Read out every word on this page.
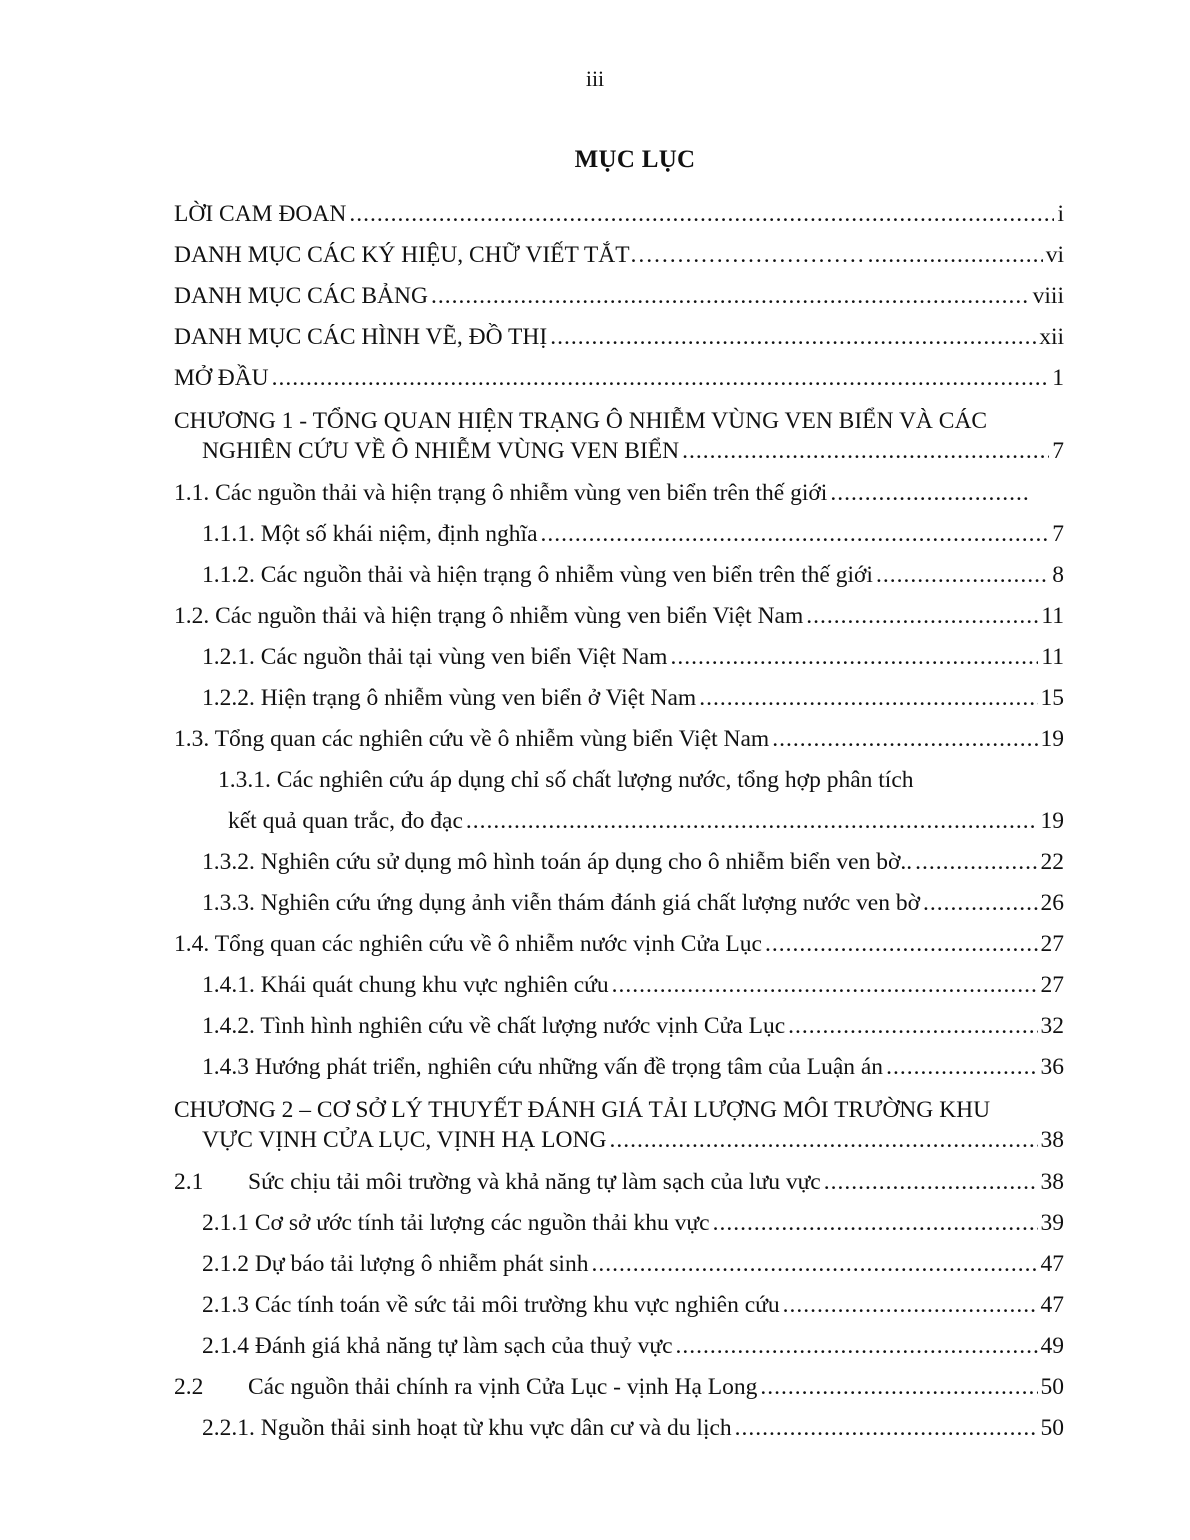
iii
MỤC LỤC
LỜI CAM ĐOAN .....	i
DANH MỤC CÁC KÝ HIỆU, CHỮ VIẾT TẮT………………………… .....	vi
DANH MỤC CÁC BẢNG .....	viii
DANH MỤC CÁC HÌNH VẼ, ĐỒ THỊ .....	xii
MỞ ĐẦU .....	1
CHƯƠNG 1 - TỔNG QUAN HIỆN TRẠNG Ô NHIỄM VÙNG VEN BIỂN VÀ CÁC
NGHIÊN CỨU VỀ Ô NHIỄM VÙNG VEN BIỂN .....	7
1.1. Các nguồn thải và hiện trạng ô nhiễm vùng ven biển trên thế giới
.....
1.1.1. Một số khái niệm, định nghĩa .....	7
1.1.2. Các nguồn thải và hiện trạng ô nhiễm vùng ven biển trên thế giới .....	8
1.2. Các nguồn thải và hiện trạng ô nhiễm vùng ven biển Việt Nam .....	11
1.2.1. Các nguồn thải tại vùng ven biển Việt Nam .....	11
1.2.2. Hiện trạng ô nhiễm vùng ven biển ở Việt Nam .....	15
1.3. Tổng quan các nghiên cứu về ô nhiễm vùng biển Việt Nam .....	19
1.3.1. Các nghiên cứu áp dụng chỉ số chất lượng nước, tổng hợp phân tích
kết quả quan trắc, đo đạc .....	19
1.3.2. Nghiên cứu sử dụng mô hình toán áp dụng cho ô nhiễm biển ven bờ.. .....	22
1.3.3. Nghiên cứu ứng dụng ảnh viễn thám đánh giá chất lượng nước ven bờ .....	26
1.4. Tổng quan các nghiên cứu về ô nhiễm nước vịnh Cửa Lục .....	27
1.4.1. Khái quát chung khu vực nghiên cứu .....	27
1.4.2. Tình hình nghiên cứu về chất lượng nước vịnh Cửa Lục .....	32
1.4.3 Hướng phát triển, nghiên cứu những vấn đề trọng tâm của Luận án .....	36
CHƯƠNG 2 – CƠ SỞ LÝ THUYẾT ĐÁNH GIÁ TẢI LƯỢNG MÔI TRƯỜNG KHU
VỰC VỊNH CỬA LỤC, VỊNH HẠ LONG .....	38
2.1 Sức chịu tải môi trường và khả năng tự làm sạch của lưu vực .....	38
2.1.1 Cơ sở ước tính tải lượng các nguồn thải khu vực .....	39
2.1.2 Dự báo tải lượng ô nhiễm phát sinh .....	47
2.1.3 Các tính toán về sức tải môi trường khu vực nghiên cứu .....	47
2.1.4 Đánh giá khả năng tự làm sạch của thuỷ vực .....	49
2.2 Các nguồn thải chính ra vịnh Cửa Lục - vịnh Hạ Long .....	50
2.2.1. Nguồn thải sinh hoạt từ khu vực dân cư và du lịch .....	50
